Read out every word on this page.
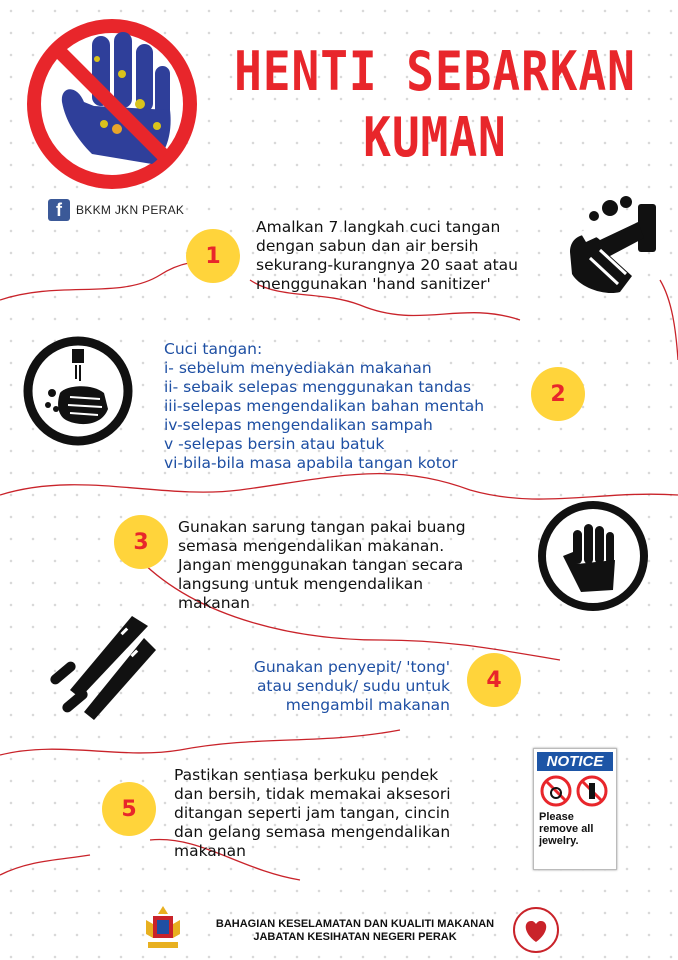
HENTI SEBARKAN
KUMAN
f	BKKM JKN PERAK
1
Amalkan 7 langkah cuci tangan
dengan sabun dan air bersih
sekurang-kurangnya 20 saat atau
menggunakan 'hand sanitizer'
Cuci tangan:
i- sebelum menyediakan makanan
ii- sebaik selepas menggunakan tandas
iii-selepas mengendalikan bahan mentah
iv-selepas mengendalikan sampah
v -selepas bersin atau batuk
vi-bila-bila masa apabila tangan kotor
2
3
Gunakan sarung tangan pakai buang
semasa mengendalikan makanan.
Jangan menggunakan tangan secara
langsung untuk mengendalikan
makanan
Gunakan penyepit/ 'tong'
atau senduk/ sudu untuk
mengambil makanan
4
5
Pastikan sentiasa berkuku pendek
dan bersih, tidak memakai aksesori
ditangan seperti jam tangan, cincin
dan gelang semasa mengendalikan
makanan
NOTICE
Please
remove all
jewelry.
BAHAGIAN KESELAMATAN DAN KUALITI MAKANAN
JABATAN KESIHATAN NEGERI PERAK
